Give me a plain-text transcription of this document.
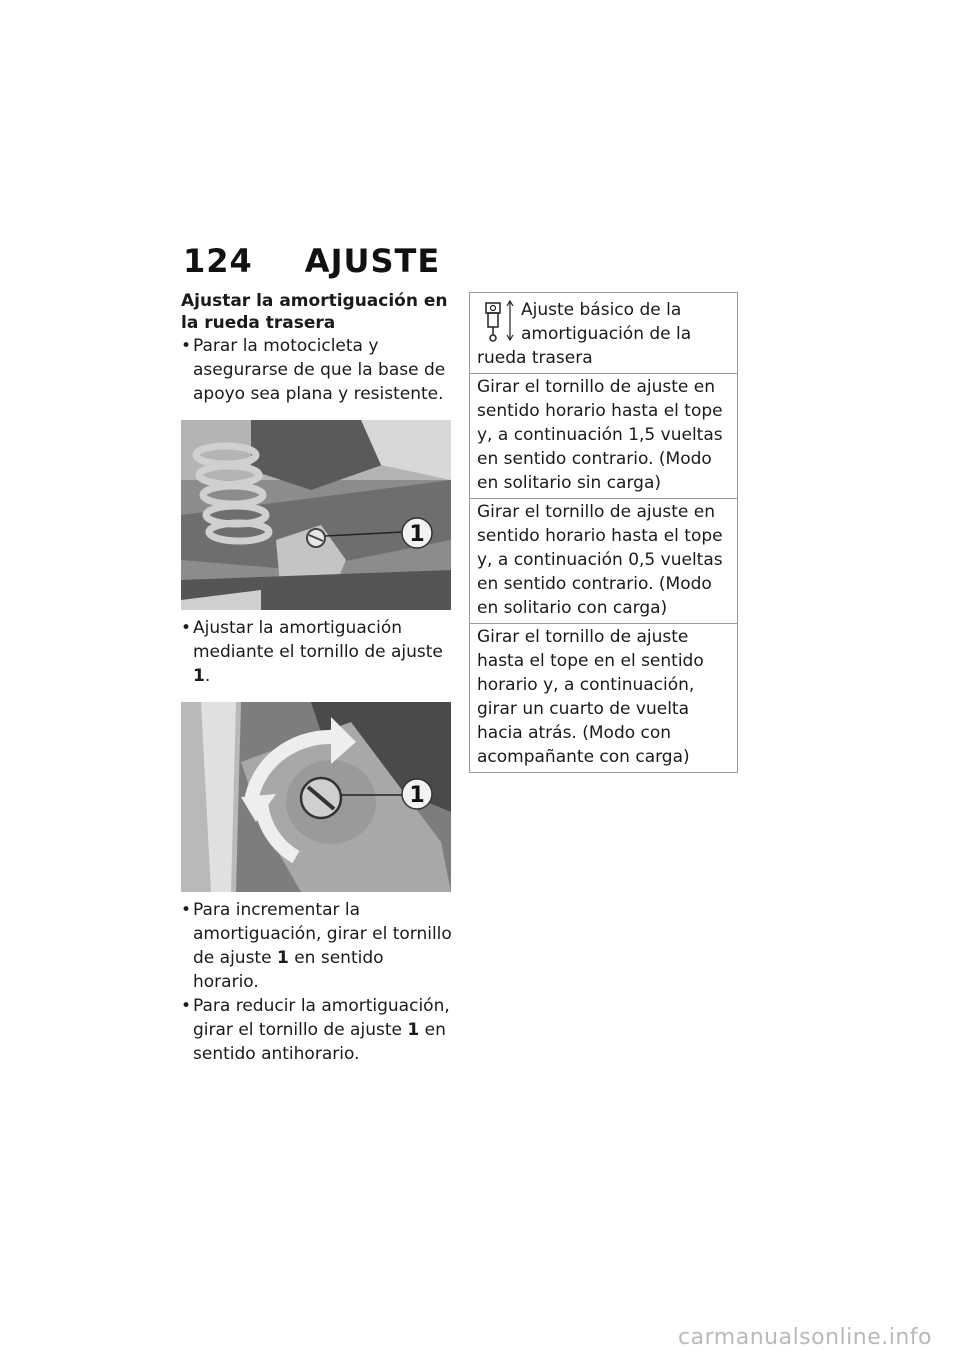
124 AJUSTE

Ajustar la amortiguación en la rueda trasera

• Parar la motocicleta y asegurarse de que la base de apoyo sea plana y resistente.

1

• Ajustar la amortiguación mediante el tornillo de ajuste 1.

1

• Para incrementar la amortiguación, girar el tornillo de ajuste 1 en sentido horario.

• Para reducir la amortiguación, girar el tornillo de ajuste 1 en sentido antihorario.

Ajuste básico de la amortiguación de la
rueda trasera
Girar el tornillo de ajuste en sentido horario hasta el tope y, a continuación 1,5 vueltas en sentido contrario. (Modo en solitario sin carga)
Girar el tornillo de ajuste en sentido horario hasta el tope y, a continuación 0,5 vueltas en sentido contrario. (Modo en solitario con carga)
Girar el tornillo de ajuste hasta el tope en el sentido horario y, a continuación, girar un cuarto de vuelta hacia atrás. (Modo con acompañante con carga)
carmanualsonline.info
